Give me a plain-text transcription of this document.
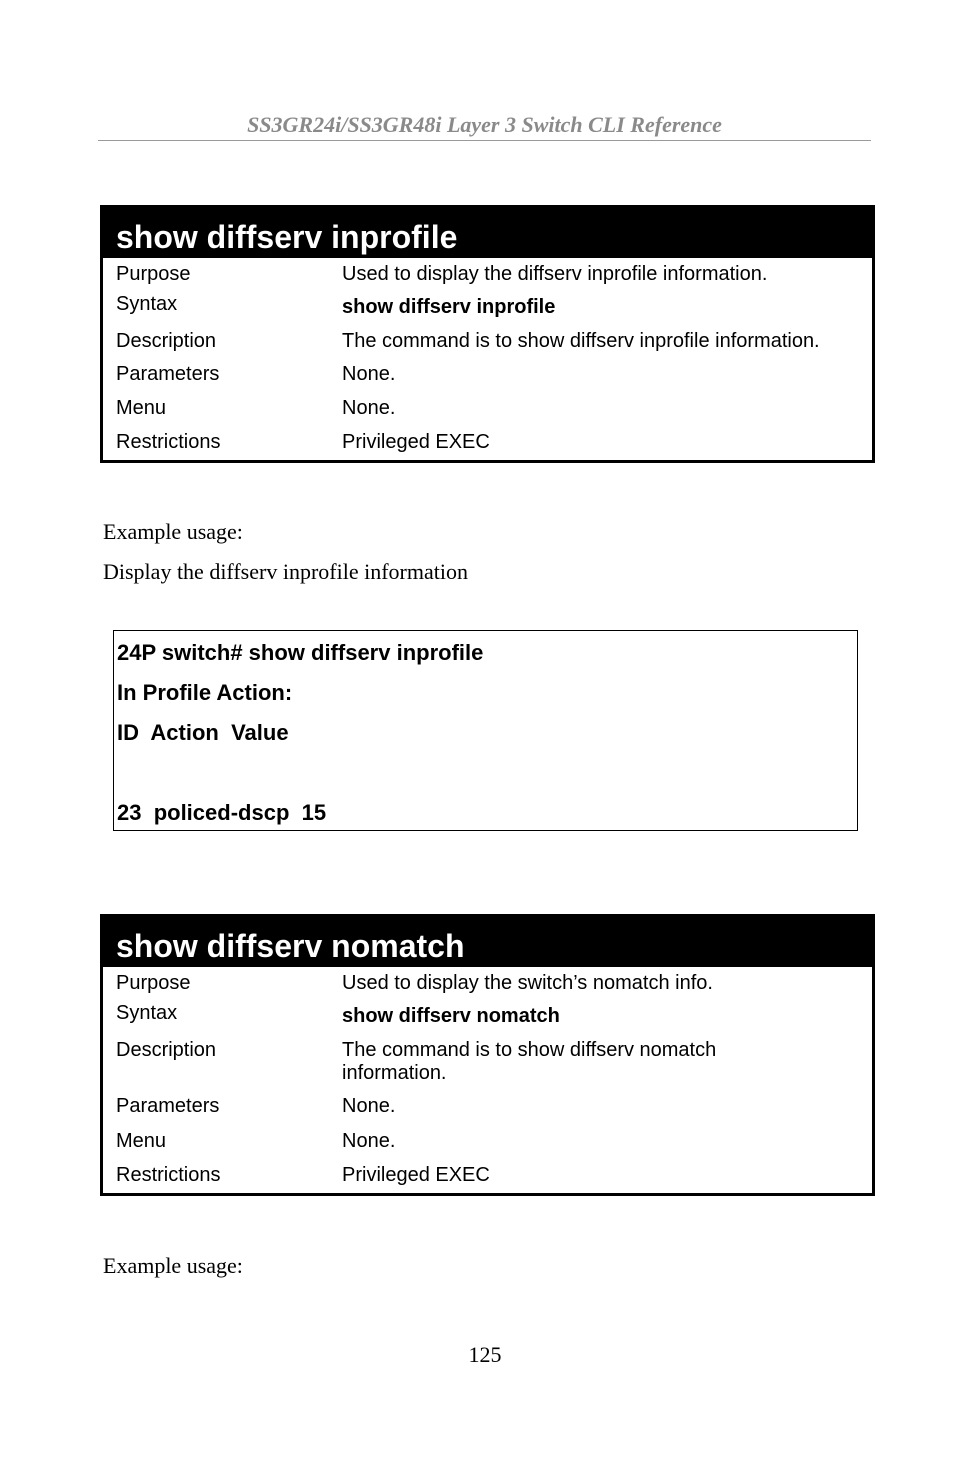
SS3GR24i/SS3GR48i Layer 3 Switch CLI Reference
show diffserv inprofile
Purpose	Used to display the diffserv inprofile information.
Syntax	show diffserv inprofile
Description	The command is to show diffserv inprofile information.
Parameters	None.
Menu	None.
Restrictions	Privileged EXEC
Example usage:
Display the diffserv inprofile information
24P switch# show diffserv inprofile
In Profile Action:
ID  Action  Value
23  policed-dscp  15
show diffserv nomatch
Purpose	Used to display the switch’s nomatch info.
Syntax	show diffserv nomatch
Description	The command is to show diffserv nomatch information.
Parameters	None.
Menu	None.
Restrictions	Privileged EXEC
Example usage:
125
